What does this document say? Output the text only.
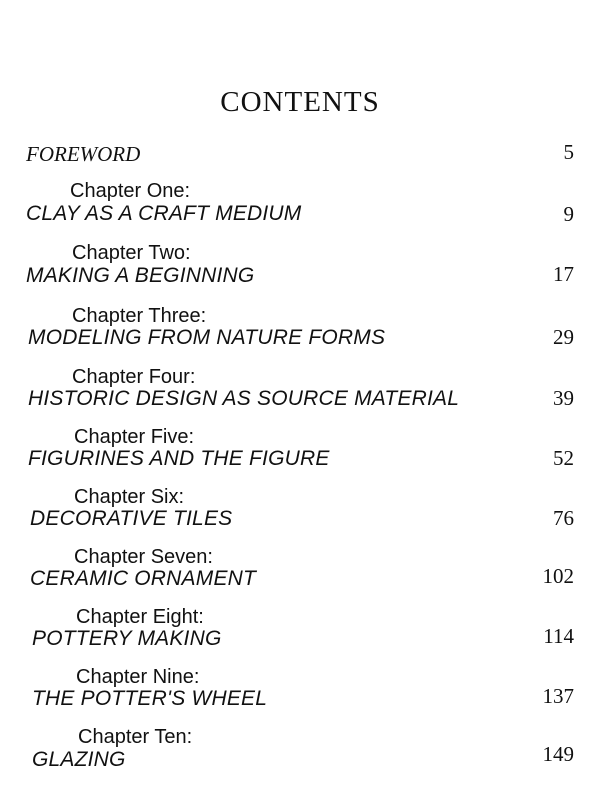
CONTENTS
FOREWORD	5
Chapter One:
CLAY AS A CRAFT MEDIUM	9
Chapter Two:
MAKING A BEGINNING	17
Chapter Three:
MODELING FROM NATURE FORMS	29
Chapter Four:
HISTORIC DESIGN AS SOURCE MATERIAL	39
Chapter Five:
FIGURINES AND THE FIGURE	52
Chapter Six:
DECORATIVE TILES	76
Chapter Seven:
CERAMIC ORNAMENT	102
Chapter Eight:
POTTERY MAKING	114
Chapter Nine:
THE POTTER'S WHEEL	137
Chapter Ten:
GLAZING	149
